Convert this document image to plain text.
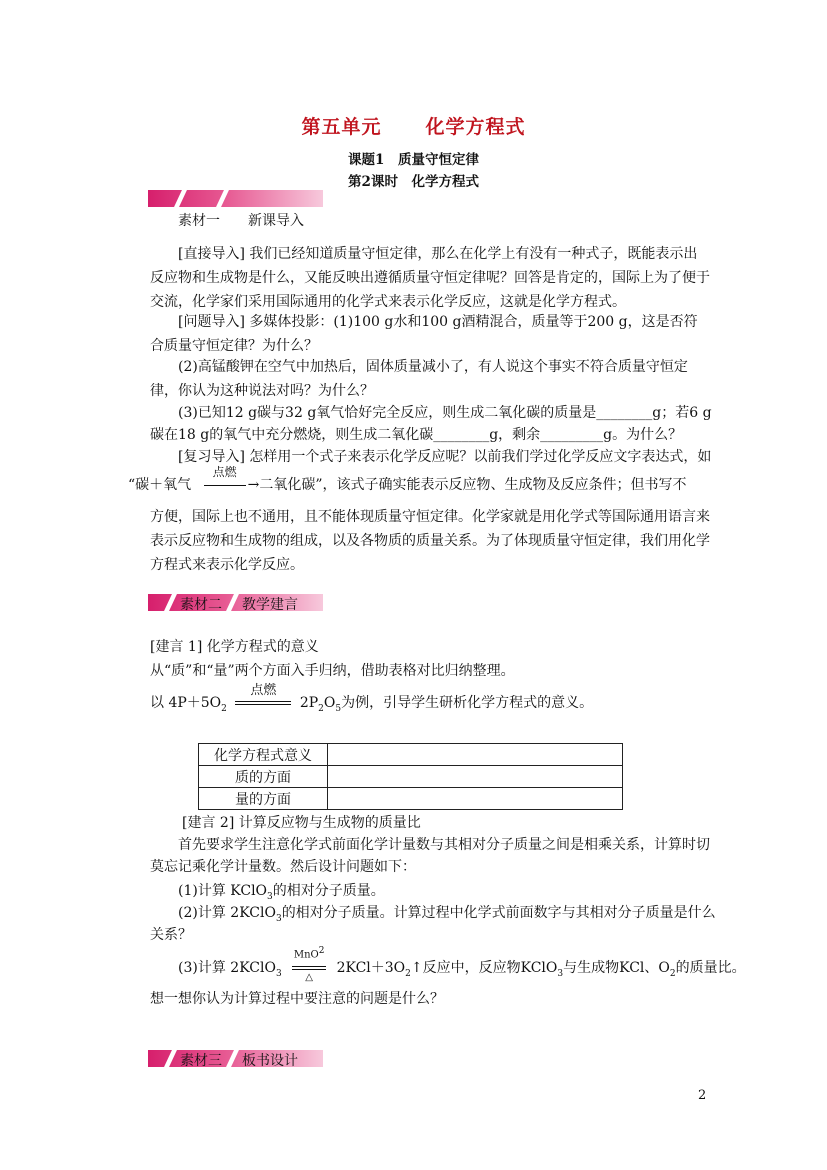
第五单元 化学方程式
课题1　质量守恒定律
第2课时　化学方程式
素材一 新课导入
[直接导入] 我们已经知道质量守恒定律，那么在化学上有没有一种式子，既能表示出反应物和生成物是什么，又能反映出遵循质量守恒定律呢？回答是肯定的，国际上为了便于交流，化学家们采用国际通用的化学式来表示化学反应，这就是化学方程式。
[问题导入] 多媒体投影：(1)100 g水和100 g酒精混合，质量等于200 g，这是否符合质量守恒定律？为什么？
(2)高锰酸钾在空气中加热后，固体质量减小了，有人说这个事实不符合质量守恒定律，你认为这种说法对吗？为什么？
(3)已知12 g碳与32 g氧气恰好完全反应，则生成二氧化碳的质量是________g；若6 g
碳在18 g的氧气中充分燃烧，则生成二氧化碳________g，剩余_________g。为什么？
[复习导入] 怎样用一个式子来表示化学反应呢？以前我们学过化学反应文字表达式，如
“碳＋氧气
点燃
→二氧化碳”，该式子确实能表示反应物、生成物及反应条件；但书写不
方便，国际上也不通用，且不能体现质量守恒定律。化学家就是用化学式等国际通用语言来表示反应物和生成物的组成，以及各物质的质量关系。为了体现质量守恒定律，我们用化学方程式来表示化学反应。
素材二 教学建言
[建言 1] 化学方程式的意义
从“质”和“量”两个方面入手归纳，借助表格对比归纳整理。
以 $4P+5O_2$
点燃
$2P_2O_5$为例，引导学生研析化学方程式的意义。
化学方程式意义	
质的方面	
量的方面	
[建言 2] 计算反应物与生成物的质量比
首先要求学生注意化学式前面化学计量数与其相对分子质量之间是相乘关系，计算时切莫忘记乘化学计量数。然后设计问题如下：
(1)计算 KClO$_3$的相对分子质量。
(2)计算 2KClO$_3$的相对分子质量。计算过程中化学式前面数字与其相对分子质量是什么
关系？
(3)计算 2KClO$_3$
MnO$^2$
△
$2KCl+3O_2↑$反应中，反应物KClO$_3$与生成物KCl、$O_2$的质量比。
想一想你认为计算过程中要注意的问题是什么？
素材三 板书设计
2
